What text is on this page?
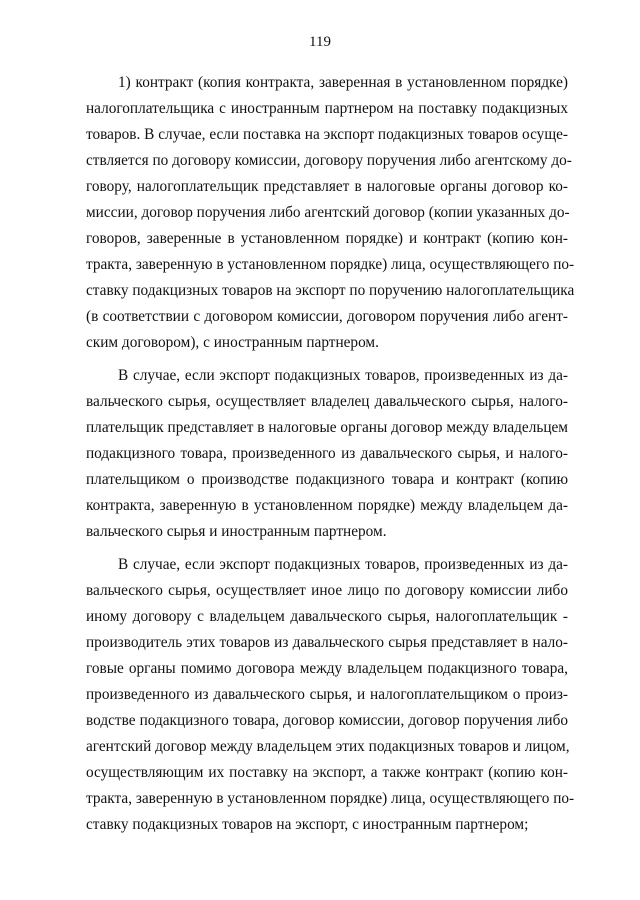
119
1) контракт (копия контракта, заверенная в установленном порядке)
налогоплательщика с иностранным партнером на поставку подакцизных
товаров. В случае, если поставка на экспорт подакцизных товаров осуще-
ствляется по договору комиссии, договору поручения либо агентскому до-
говору, налогоплательщик представляет в налоговые органы договор ко-
миссии, договор поручения либо агентский договор (копии указанных до-
говоров, заверенные в установленном порядке) и контракт (копию кон-
тракта, заверенную в установленном порядке) лица, осуществляющего по-
ставку подакцизных товаров на экспорт по поручению налогоплательщика
(в соответствии с договором комиссии, договором поручения либо агент-
ским договором), с иностранным партнером.
В случае, если экспорт подакцизных товаров, произведенных из да-
вальческого сырья, осуществляет владелец давальческого сырья, налого-
плательщик представляет в налоговые органы договор между владельцем
подакцизного товара, произведенного из давальческого сырья, и налого-
плательщиком о производстве подакцизного товара и контракт (копию
контракта, заверенную в установленном порядке) между владельцем да-
вальческого сырья и иностранным партнером.
В случае, если экспорт подакцизных товаров, произведенных из да-
вальческого сырья, осуществляет иное лицо по договору комиссии либо
иному договору с владельцем давальческого сырья, налогоплательщик -
производитель этих товаров из давальческого сырья представляет в нало-
говые органы помимо договора между владельцем подакцизного товара,
произведенного из давальческого сырья, и налогоплательщиком о произ-
водстве подакцизного товара, договор комиссии, договор поручения либо
агентский договор между владельцем этих подакцизных товаров и лицом,
осуществляющим их поставку на экспорт, а также контракт (копию кон-
тракта, заверенную в установленном порядке) лица, осуществляющего по-
ставку подакцизных товаров на экспорт, с иностранным партнером;
